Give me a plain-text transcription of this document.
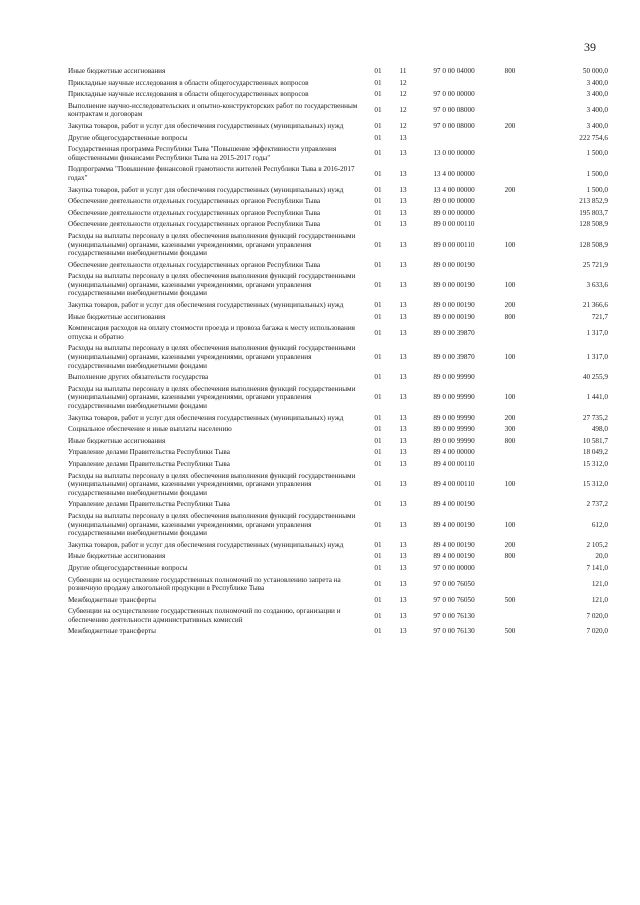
39
Иные бюджетные ассигнования	01	11	97 0 00 04000	800	50 000,0
Прикладные научные исследования в области общегосударственных вопросов	01	12			3 400,0
Прикладные научные исследования в области общегосударственных вопросов	01	12	97 0 00 00000		3 400,0
Выполнение научно-исследовательских и опытно-конструкторских работ по государственным контрактам и договорам	01	12	97 0 00 08000		3 400,0
Закупка товаров, работ и услуг для обеспечения государственных (муниципальных) нужд	01	12	97 0 00 08000	200	3 400,0
Другие общегосударственные вопросы	01	13			222 754,6
Государственная программа Республики Тыва "Повышение эффективности управления общественными финансами Республики Тыва на 2015-2017 годы"	01	13	13 0 00 00000		1 500,0
Подпрограмма "Повышение финансовой грамотности жителей Республики Тыва в 2016-2017 годах"	01	13	13 4 00 00000		1 500,0
Закупка товаров, работ и услуг для обеспечения государственных (муниципальных) нужд	01	13	13 4 00 00000	200	1 500,0
Обеспечение деятельности отдельных государственных органов Республики Тыва	01	13	89 0 00 00000		213 852,9
Обеспечение деятельности отдельных государственных органов Республики Тыва	01	13	89 0 00 00000		195 803,7
Обеспечение деятельности отдельных государственных органов Республики Тыва	01	13	89 0 00 00110		128 508,9
Расходы на выплаты персоналу в целях обеспечения выполнения функций государственными (муниципальными) органами, казенными учреждениями, органами управления государственными внебюджетными фондами	01	13	89 0 00 00110	100	128 508,9
Обеспечение деятельности отдельных государственных органов Республики Тыва	01	13	89 0 00 00190		25 721,9
Расходы на выплаты персоналу в целях обеспечения выполнения функций государственными (муниципальными) органами, казенными учреждениями, органами управления государственными внебюджетными фондами	01	13	89 0 00 00190	100	3 633,6
Закупка товаров, работ и услуг для обеспечения государственных (муниципальных) нужд	01	13	89 0 00 00190	200	21 366,6
Иные бюджетные ассигнования	01	13	89 0 00 00190	800	721,7
Компенсация расходов на оплату стоимости проезда и провоза багажа к месту использования отпуска и обратно	01	13	89 0 00 39870		1 317,0
Расходы на выплаты персоналу в целях обеспечения выполнения функций государственными (муниципальными) органами, казенными учреждениями, органами управления государственными внебюджетными фондами	01	13	89 0 00 39870	100	1 317,0
Выполнение других обязательств государства	01	13	89 0 00 99990		40 255,9
Расходы на выплаты персоналу в целях обеспечения выполнения функций государственными (муниципальными) органами, казенными учреждениями, органами управления государственными внебюджетными фондами	01	13	89 0 00 99990	100	1 441,0
Закупка товаров, работ и услуг для обеспечения государственных (муниципальных) нужд	01	13	89 0 00 99990	200	27 735,2
Социальное обеспечение и иные выплаты населению	01	13	89 0 00 99990	300	498,0
Иные бюджетные ассигнования	01	13	89 0 00 99990	800	10 581,7
Управление делами Правительства Республики Тыва	01	13	89 4 00 00000		18 049,2
Управление делами Правительства Республики Тыва	01	13	89 4 00 00110		15 312,0
Расходы на выплаты персоналу в целях обеспечения выполнения функций государственными (муниципальными) органами, казенными учреждениями, органами управления государственными внебюджетными фондами	01	13	89 4 00 00110	100	15 312,0
Управление делами Правительства Республики Тыва	01	13	89 4 00 00190		2 737,2
Расходы на выплаты персоналу в целях обеспечения выполнения функций государственными (муниципальными) органами, казенными учреждениями, органами управления государственными внебюджетными фондами	01	13	89 4 00 00190	100	612,0
Закупка товаров, работ и услуг для обеспечения государственных (муниципальных) нужд	01	13	89 4 00 00190	200	2 105,2
Иные бюджетные ассигнования	01	13	89 4 00 00190	800	20,0
Другие общегосударственные вопросы	01	13	97 0 00 00000		7 141,0
Субвенции на осуществление государственных полномочий по установлению запрета на розничную продажу алкогольной продукции в Республике Тыва	01	13	97 0 00 76050		121,0
Межбюджетные трансферты	01	13	97 0 00 76050	500	121,0
Субвенции на осуществление государственных полномочий по созданию, организации и обеспечению деятельности административных комиссий	01	13	97 0 00 76130		7 020,0
Межбюджетные трансферты	01	13	97 0 00 76130	500	7 020,0
